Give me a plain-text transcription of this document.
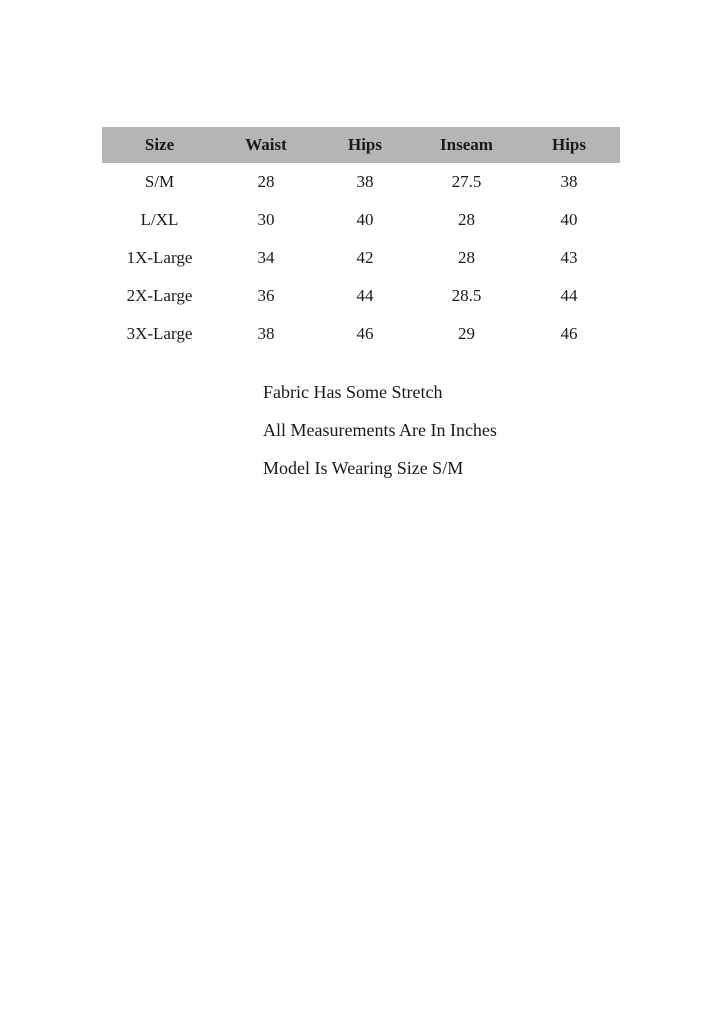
Size	Waist	Hips	Inseam	Hips
S/M	28	38	27.5	38
L/XL	30	40	28	40
1X-Large	34	42	28	43
2X-Large	36	44	28.5	44
3X-Large	38	46	29	46
Fabric Has Some Stretch
All Measurements Are In Inches
Model Is Wearing Size S/M
